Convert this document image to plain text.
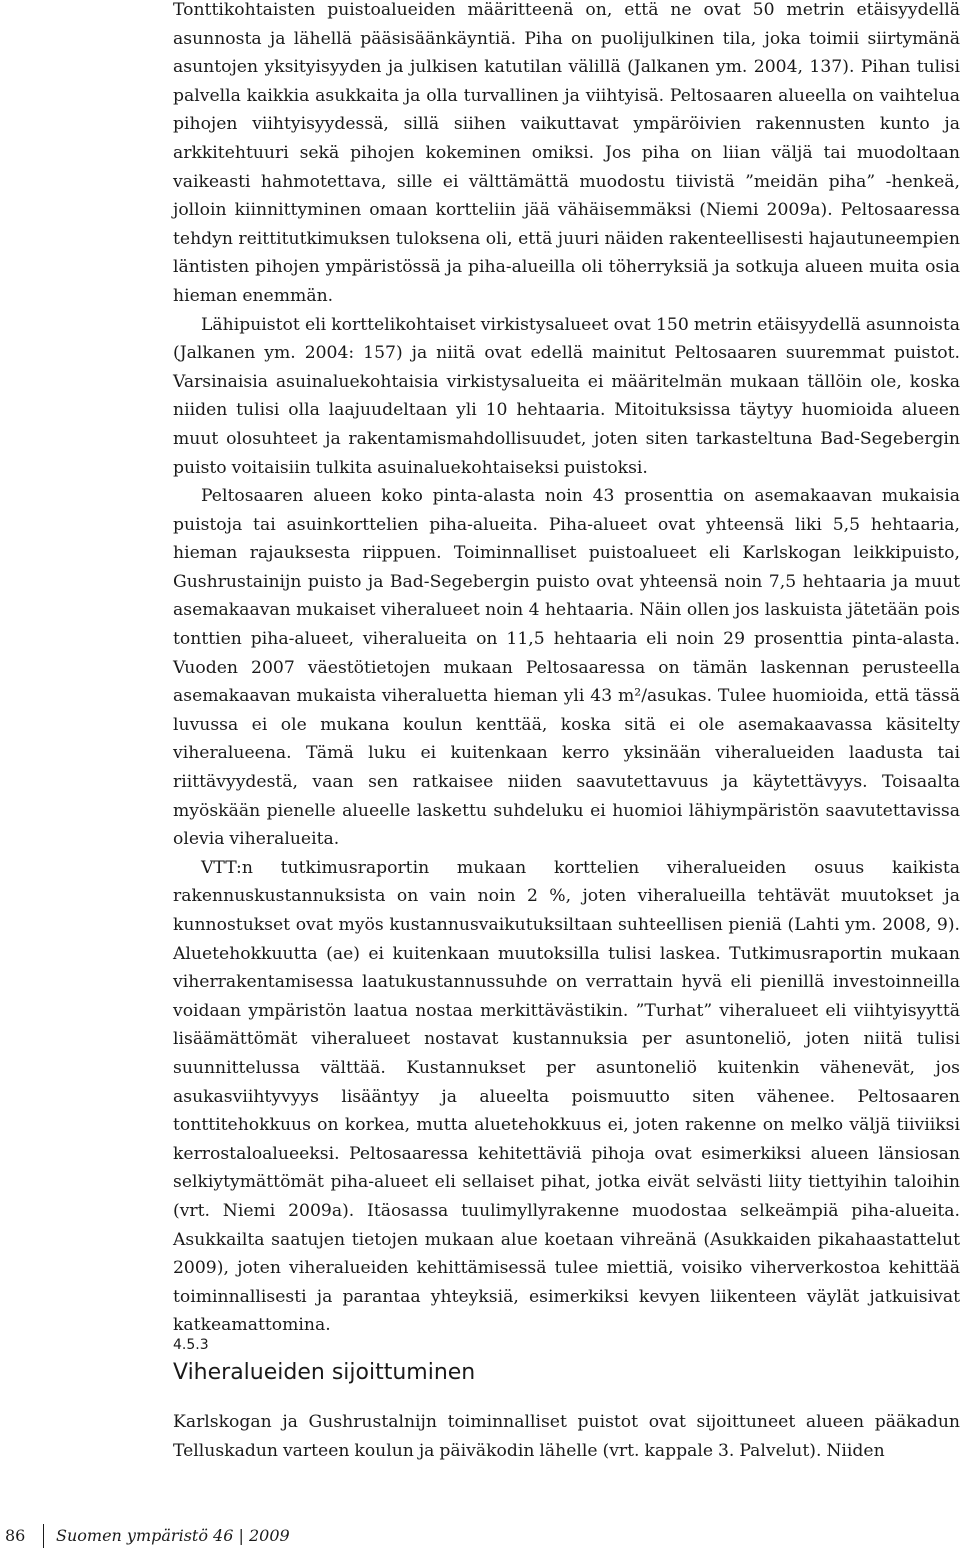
Tonttikohtaisten puistoalueiden määritteenä on, että ne ovat 50 metrin etäisyydellä asunnosta ja lähellä pääsisäänkäyntiä. Piha on puolijulkinen tila, joka toimii siirtymänä asuntojen yksityisyyden ja julkisen katutilan välillä (Jalkanen ym. 2004, 137). Pihan tulisi palvella kaikkia asukkaita ja olla turvallinen ja viihtyisä. Peltosaaren alueella on vaihtelua pihojen viihtyisyydessä, sillä siihen vaikuttavat ympäröivien rakennusten kunto ja arkkitehtuuri sekä pihojen kokeminen omiksi. Jos piha on liian väljä tai muodoltaan vaikeasti hahmotettava, sille ei välttämättä muodostu tiivistä ”meidän piha” -henkeä, jolloin kiinnittyminen omaan kortteliin jää vähäisemmäksi (Niemi 2009a). Peltosaaressa tehdyn reittitutkimuksen tuloksena oli, että juuri näiden rakenteellisesti hajautuneempien läntisten pihojen ympäristössä ja piha-alueilla oli töherryksiä ja sotkuja alueen muita osia hieman enemmän.

Lähipuistot eli korttelikohtaiset virkistysalueet ovat 150 metrin etäisyydellä asunnoista (Jalkanen ym. 2004: 157) ja niitä ovat edellä mainitut Peltosaaren suuremmat puistot. Varsinaisia asuinaluekohtaisia virkistysalueita ei määritelmän mukaan tällöin ole, koska niiden tulisi olla laajuudeltaan yli 10 hehtaaria. Mitoituksissa täytyy huomioida alueen muut olosuhteet ja rakentamismahdollisuudet, joten siten tarkasteltuna Bad-Segebergin puisto voitaisiin tulkita asuinaluekohtaiseksi puistoksi.

Peltosaaren alueen koko pinta-alasta noin 43 prosenttia on asemakaavan mukaisia puistoja tai asuinkorttelien piha-alueita. Piha-alueet ovat yhteensä liki 5,5 hehtaaria, hieman rajauksesta riippuen. Toiminnalliset puistoalueet eli Karlskogan leikkipuisto, Gushrustainijn puisto ja Bad-Segebergin puisto ovat yhteensä noin 7,5 hehtaaria ja muut asemakaavan mukaiset viheralueet noin 4 hehtaaria. Näin ollen jos laskuista jätetään pois tonttien piha-alueet, viheralueita on 11,5 hehtaaria eli noin 29 prosenttia pinta-alasta. Vuoden 2007 väestötietojen mukaan Peltosaaressa on tämän laskennan perusteella asemakaavan mukaista viheraluetta hieman yli 43 m²/asukas. Tulee huomioida, että tässä luvussa ei ole mukana koulun kenttää, koska sitä ei ole asemakaavassa käsitelty viheralueena. Tämä luku ei kuitenkaan kerro yksinään viheralueiden laadusta tai riittävyydestä, vaan sen ratkaisee niiden saavutettavuus ja käytettävyys. Toisaalta myöskään pienelle alueelle laskettu suhdeluku ei huomioi lähiympäristön saavutettavissa olevia viheralueita.

VTT:n tutkimusraportin mukaan korttelien viheralueiden osuus kaikista rakennuskustannuksista on vain noin 2 %, joten viheralueilla tehtävät muutokset ja kunnostukset ovat myös kustannusvaikutuksiltaan suhteellisen pieniä (Lahti ym. 2008, 9). Aluetehokkuutta (ae) ei kuitenkaan muutoksilla tulisi laskea. Tutkimusraportin mukaan viherrakentamisessa laatukustannussuhde on verrattain hyvä eli pienillä investoinneilla voidaan ympäristön laatua nostaa merkittävästikin. ”Turhat” viheralueet eli viihtyisyyttä lisäämättömät viheralueet nostavat kustannuksia per asuntoneliö, joten niitä tulisi suunnittelussa välttää. Kustannukset per asuntoneliö kuitenkin vähenevät, jos asukasviihtyvyys lisääntyy ja alueelta poismuutto siten vähenee. Peltosaaren tonttitehokkuus on korkea, mutta aluetehokkuus ei, joten rakenne on melko väljä tiiviiksi kerrostaloalueeksi. Peltosaaressa kehitettäviä pihoja ovat esimerkiksi alueen länsiosan selkiytymättömät piha-alueet eli sellaiset pihat, jotka eivät selvästi liity tiettyihin taloihin (vrt. Niemi 2009a). Itäosassa tuulimyllyrakenne muodostaa selkeämpiä piha-alueita. Asukkailta saatujen tietojen mukaan alue koetaan vihreänä (Asukkaiden pikahaastattelut 2009), joten viheralueiden kehittämisessä tulee miettiä, voisiko viherverkostoa kehittää toiminnallisesti ja parantaa yhteyksiä, esimerkiksi kevyen liikenteen väylät jatkuisivat katkeamattomina.

4.5.3
Viheralueiden sijoittuminen

Karlskogan ja Gushrustalnijn toiminnalliset puistot ovat sijoittuneet alueen pääkadun Telluskadun varteen koulun ja päiväkodin lähelle (vrt. kappale 3. Palvelut). Niiden

86 Suomen ympäristö 46 | 2009
